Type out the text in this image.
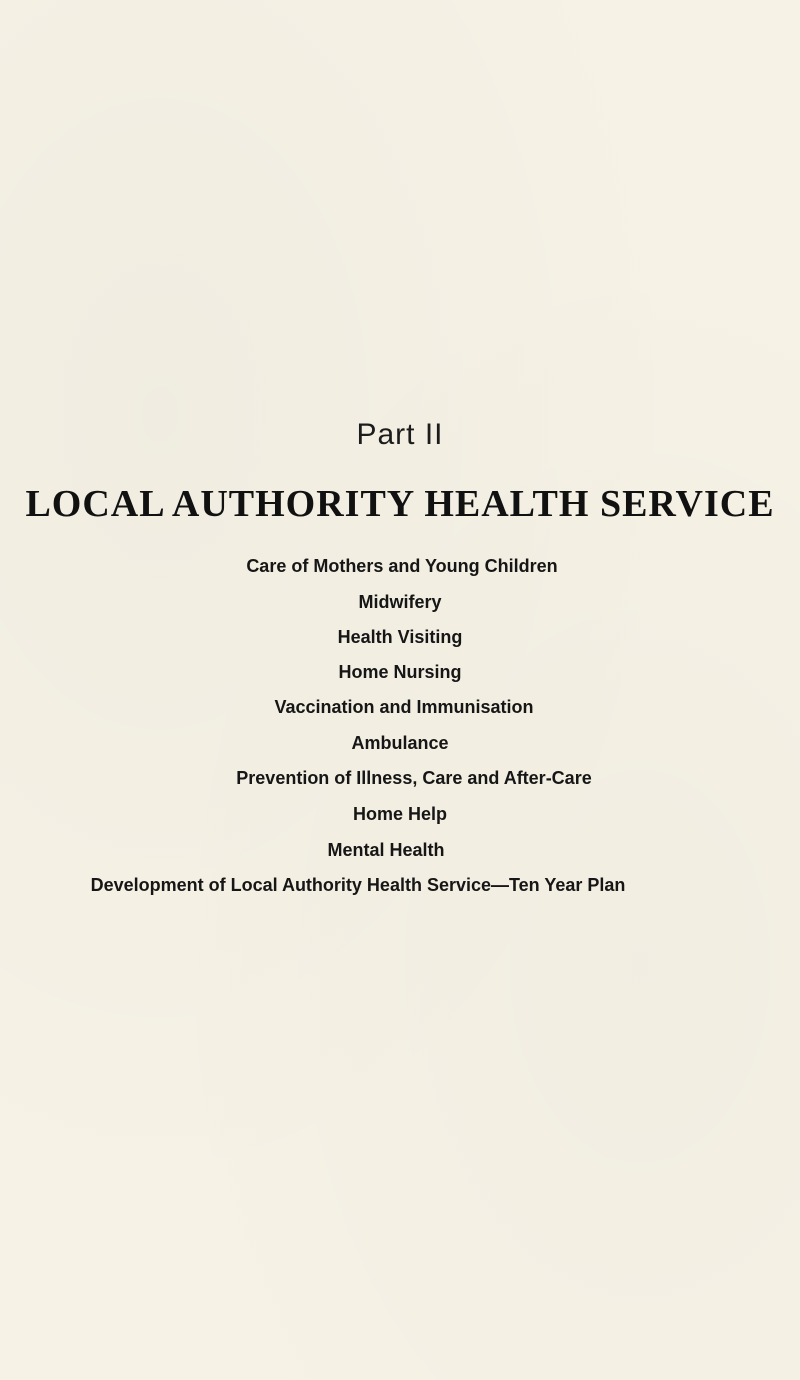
Part II
LOCAL AUTHORITY HEALTH SERVICE
Care of Mothers and Young Children
Midwifery
Health Visiting
Home Nursing
Vaccination and Immunisation
Ambulance
Prevention of Illness, Care and After-Care
Home Help
Mental Health
Development of Local Authority Health Service—Ten Year Plan
